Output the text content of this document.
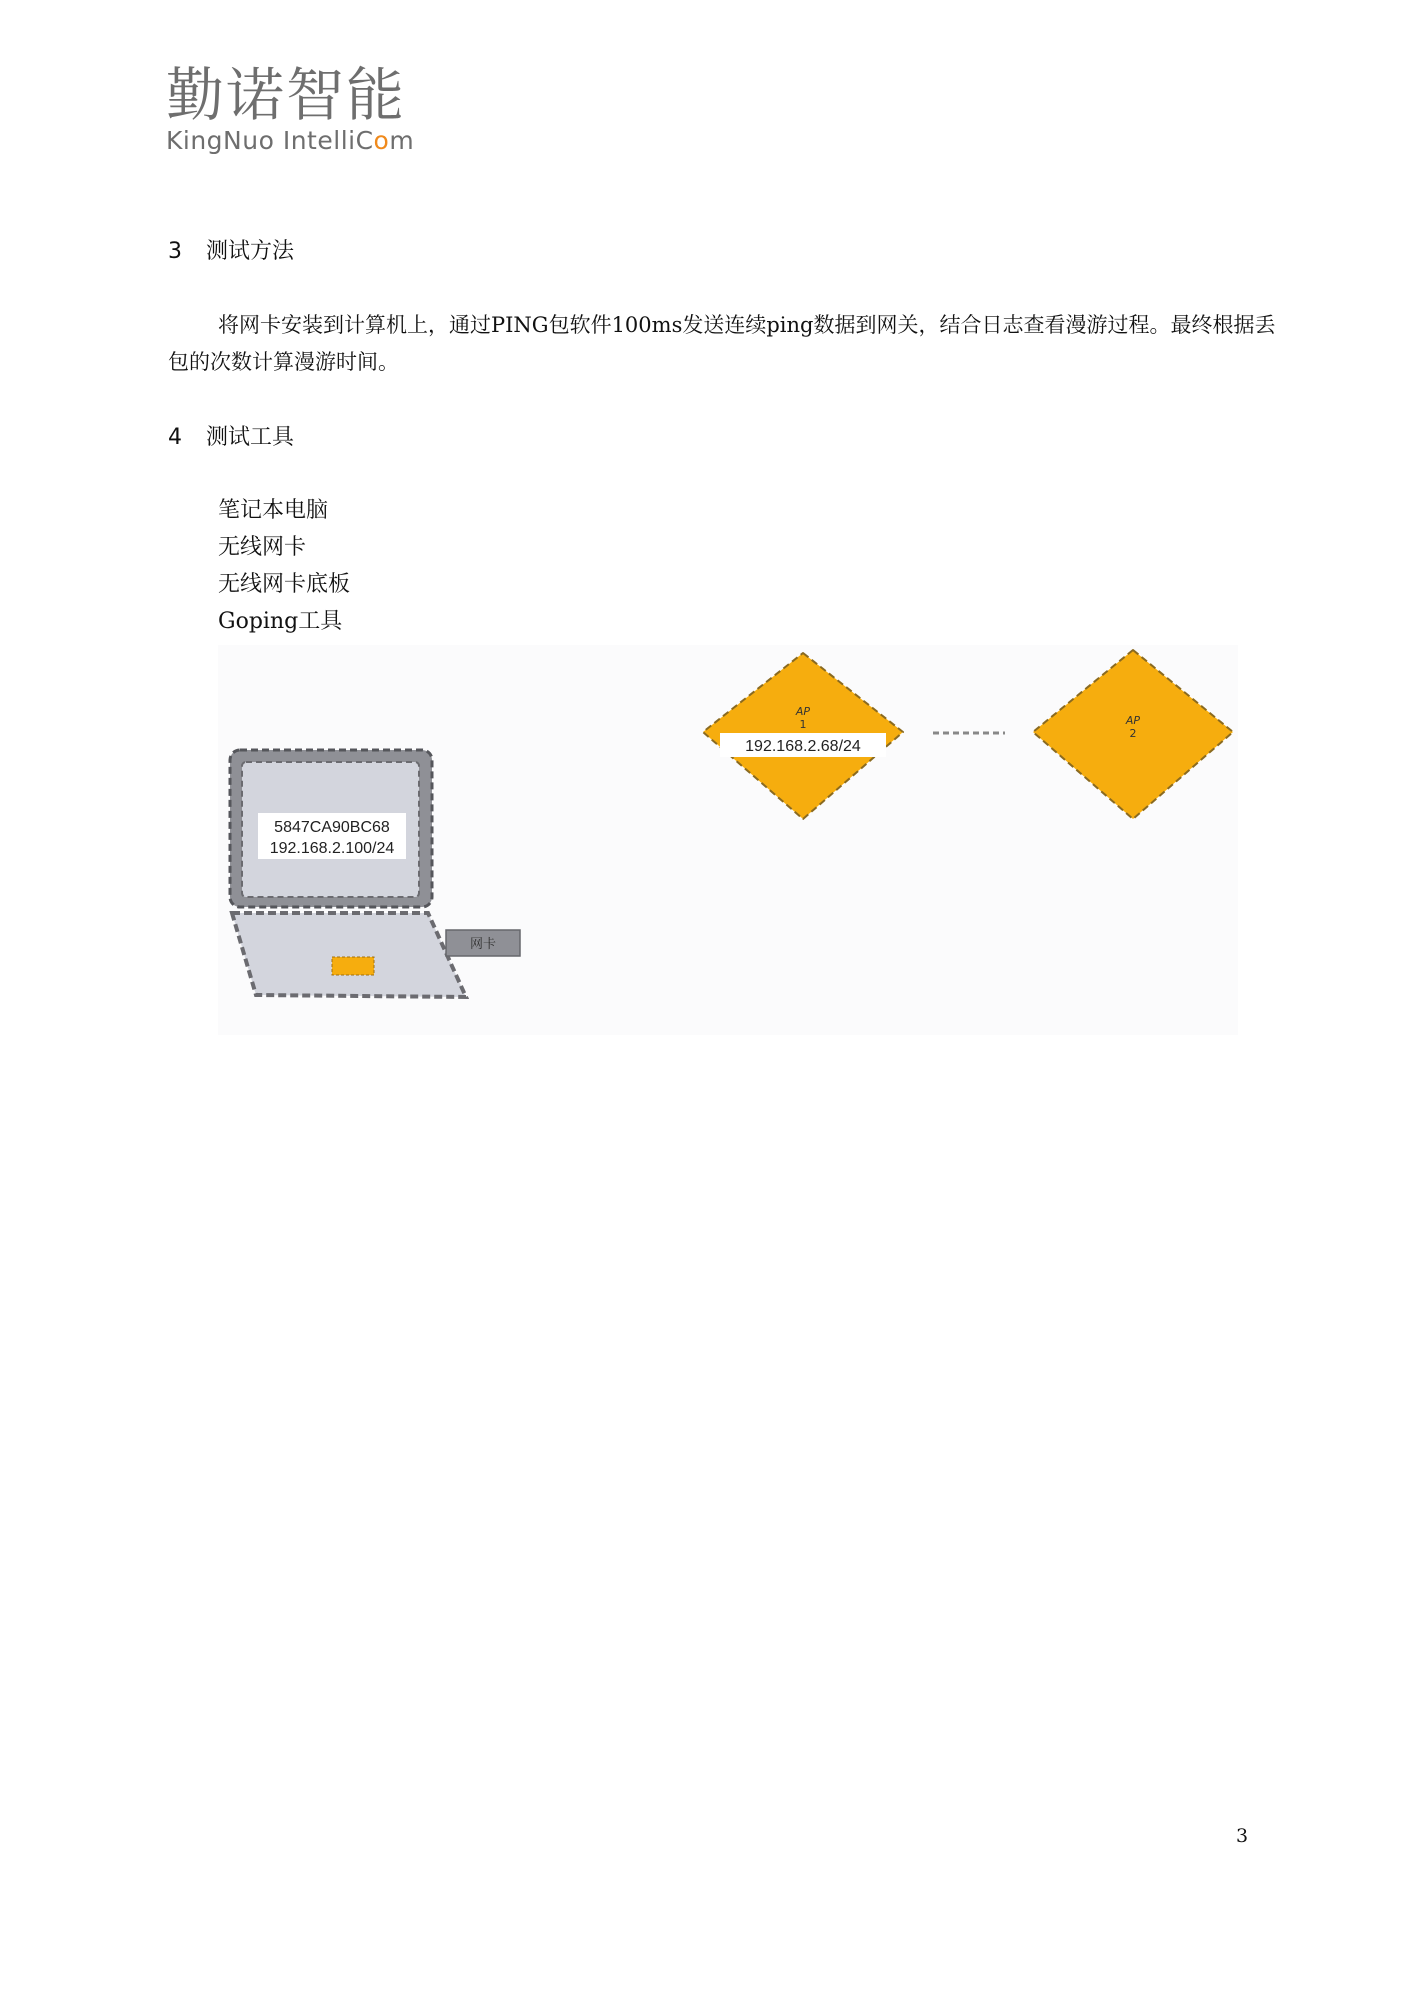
勤诺智能
KingNuo IntelliCom
3 测试方法
将网卡安装到计算机上，通过PING包软件100ms发送连续ping数据到网关，结合日志查看漫游过程。最终根据丢包的次数计算漫游时间。
4 测试工具
笔记本电脑
无线网卡
无线网卡底板
Goping工具
5847CA90BC68
192.168.2.100/24
网卡
AP
1
192.168.2.68/24
AP
2
3
